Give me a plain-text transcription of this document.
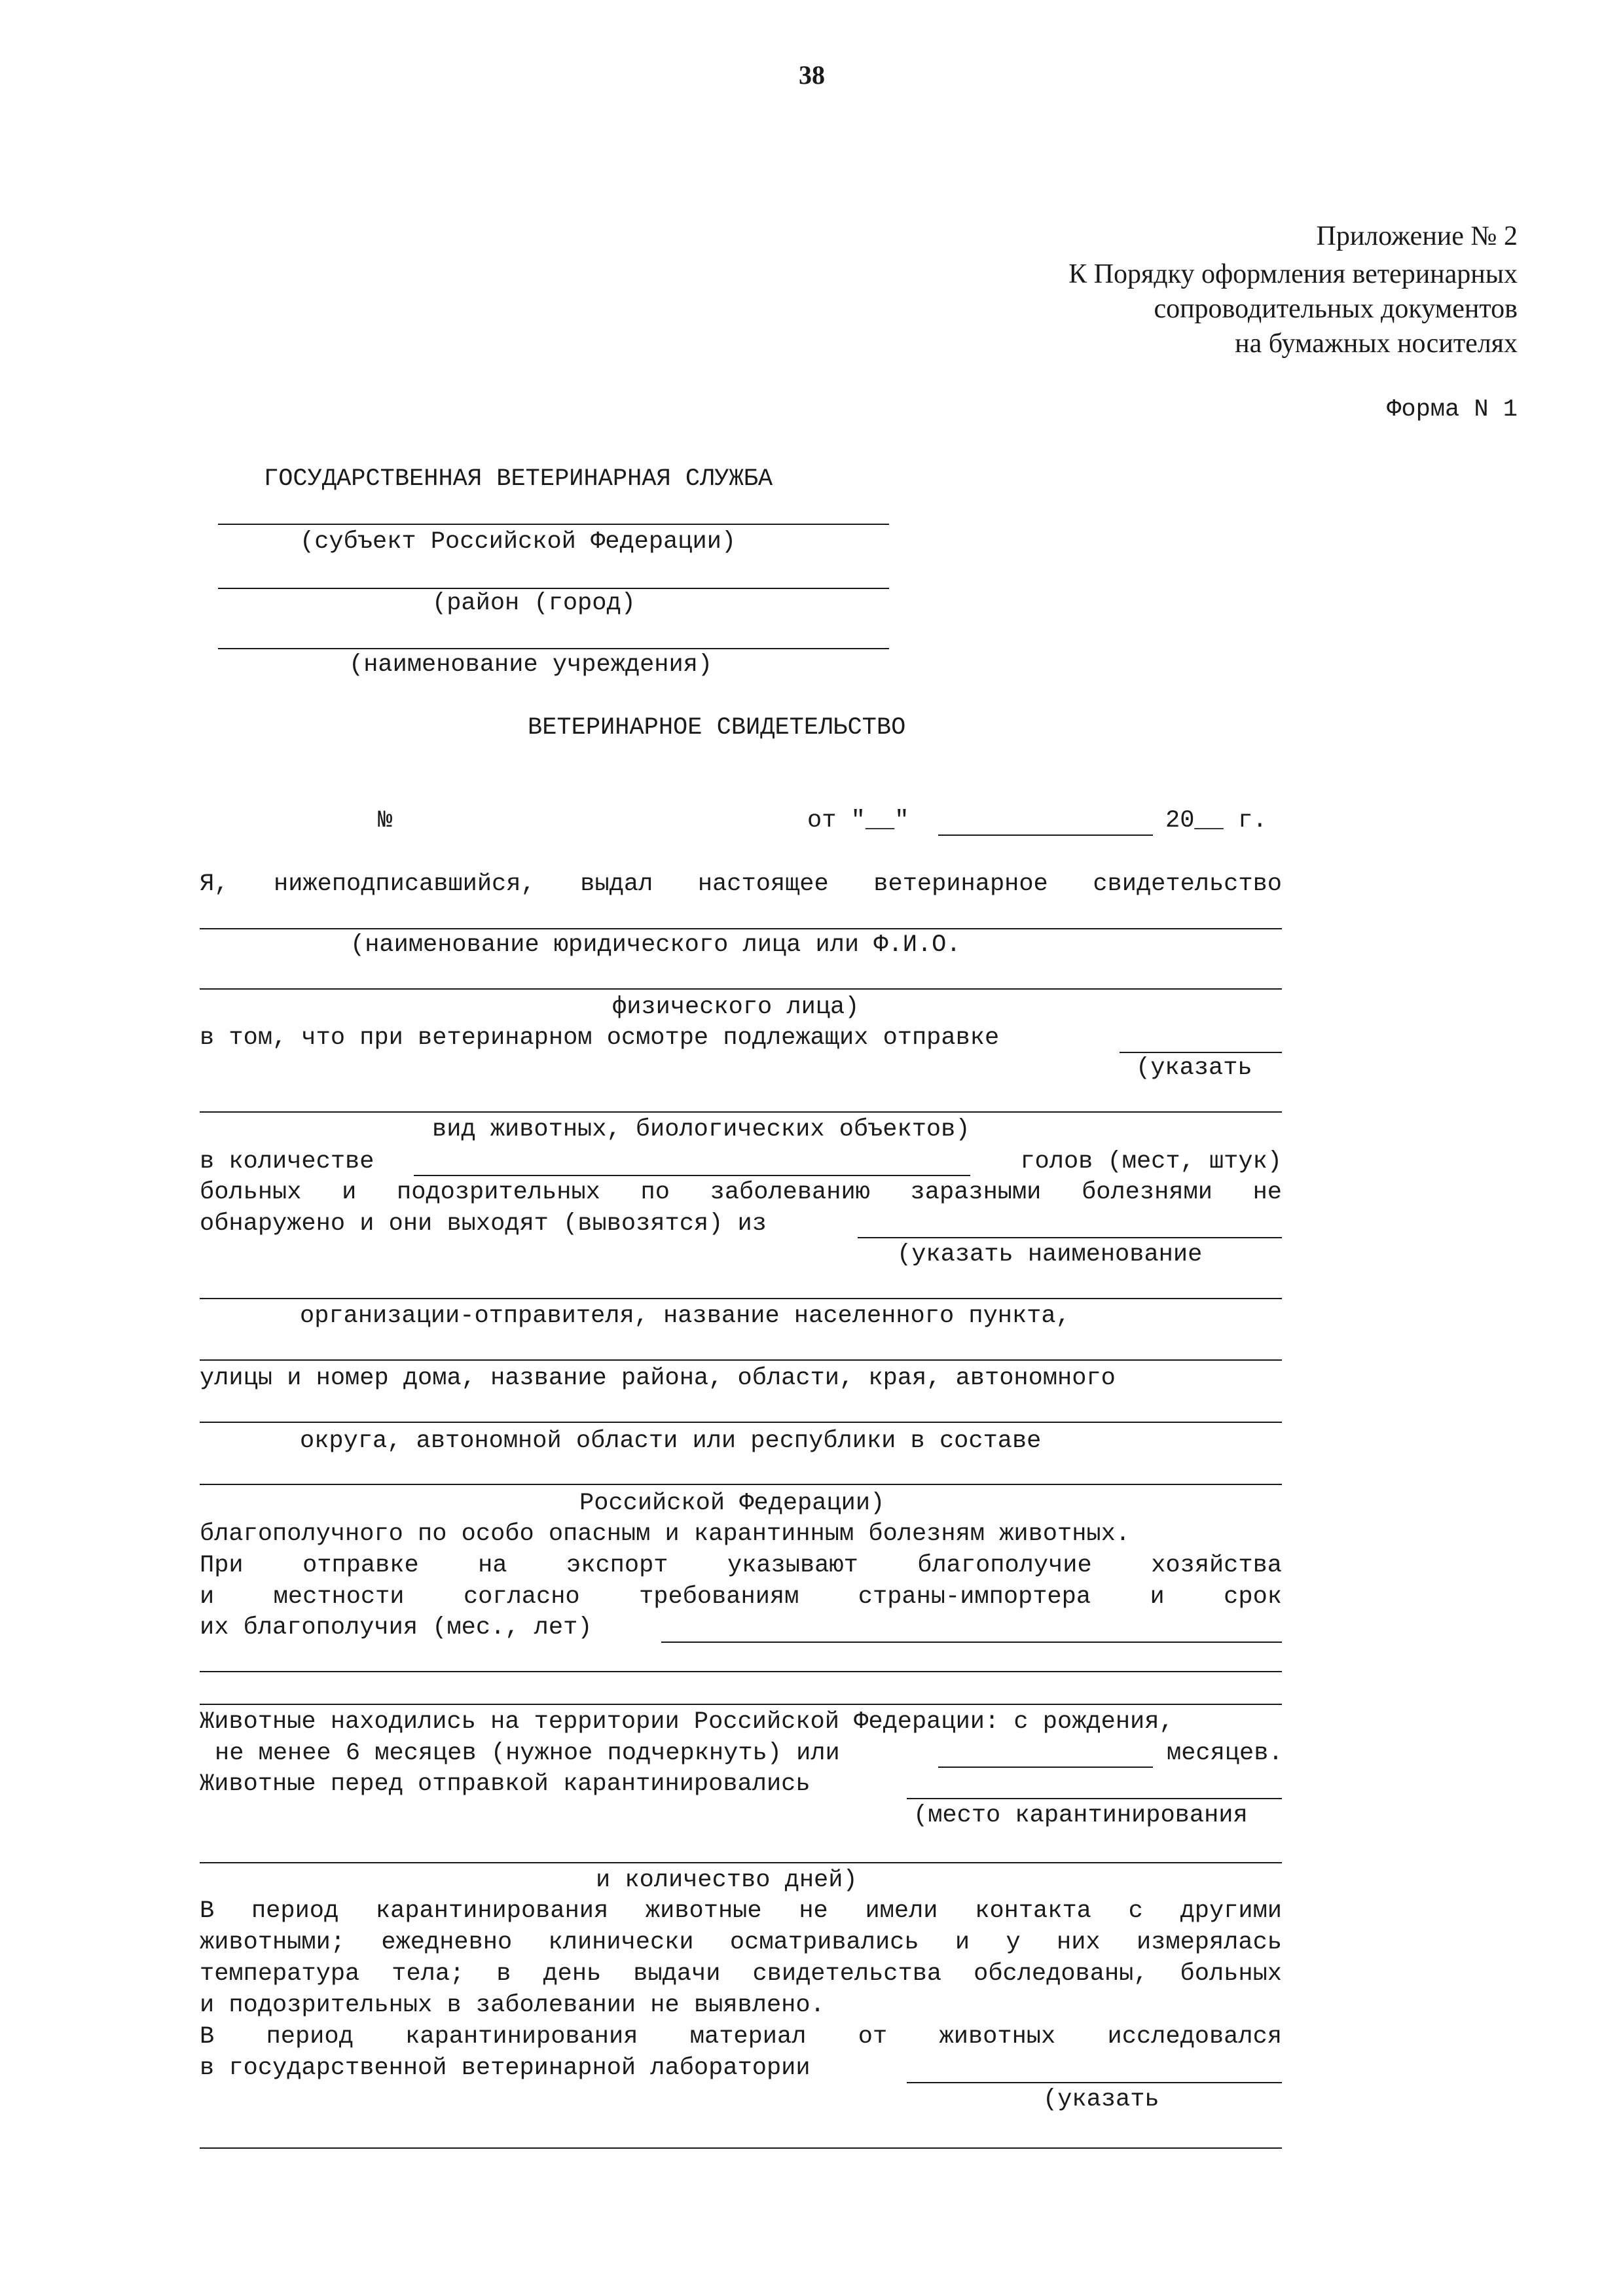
38
Приложение № 2
К Порядку оформления ветеринарных
сопроводительных документов
на бумажных носителях
Форма N 1
ГОСУДАРСТВЕННАЯ ВЕТЕРИНАРНАЯ СЛУЖБА
(субъект Российской Федерации)
(район (город)
(наименование учреждения)
ВЕТЕРИНАРНОЕ СВИДЕТЕЛЬСТВО
№	от "__"	20__ г.
Я, нижеподписавшийся, выдал настоящее ветеринарное свидетельство
(наименование юридического лица или Ф.И.О.
физического лица)
в том, что при ветеринарном осмотре подлежащих отправке
(указать
вид животных, биологических объектов)
в количестве	голов (мест, штук)
больных и подозрительных по заболеванию заразными болезнями не
обнаружено и они выходят (вывозятся) из
(указать наименование
организации-отправителя, название населенного пункта,
улицы и номер дома, название района, области, края, автономного
округа, автономной области или республики в составе
Российской Федерации)
благополучного по особо опасным и карантинным болезням животных.
При отправке на экспорт указывают благополучие хозяйства
и местности согласно требованиям страны-импортера и срок
их благополучия (мес., лет)
Животные находились на территории Российской Федерации: с рождения,
не менее 6 месяцев (нужное подчеркнуть) или	месяцев.
Животные перед отправкой карантинировались
(место карантинирования
и количество дней)
В период карантинирования животные не имели контакта с другими
животными; ежедневно клинически осматривались и у них измерялась
температура тела; в день выдачи свидетельства обследованы, больных
и подозрительных в заболевании не выявлено.
В период карантинирования материал от животных исследовался
в государственной ветеринарной лаборатории
(указать
